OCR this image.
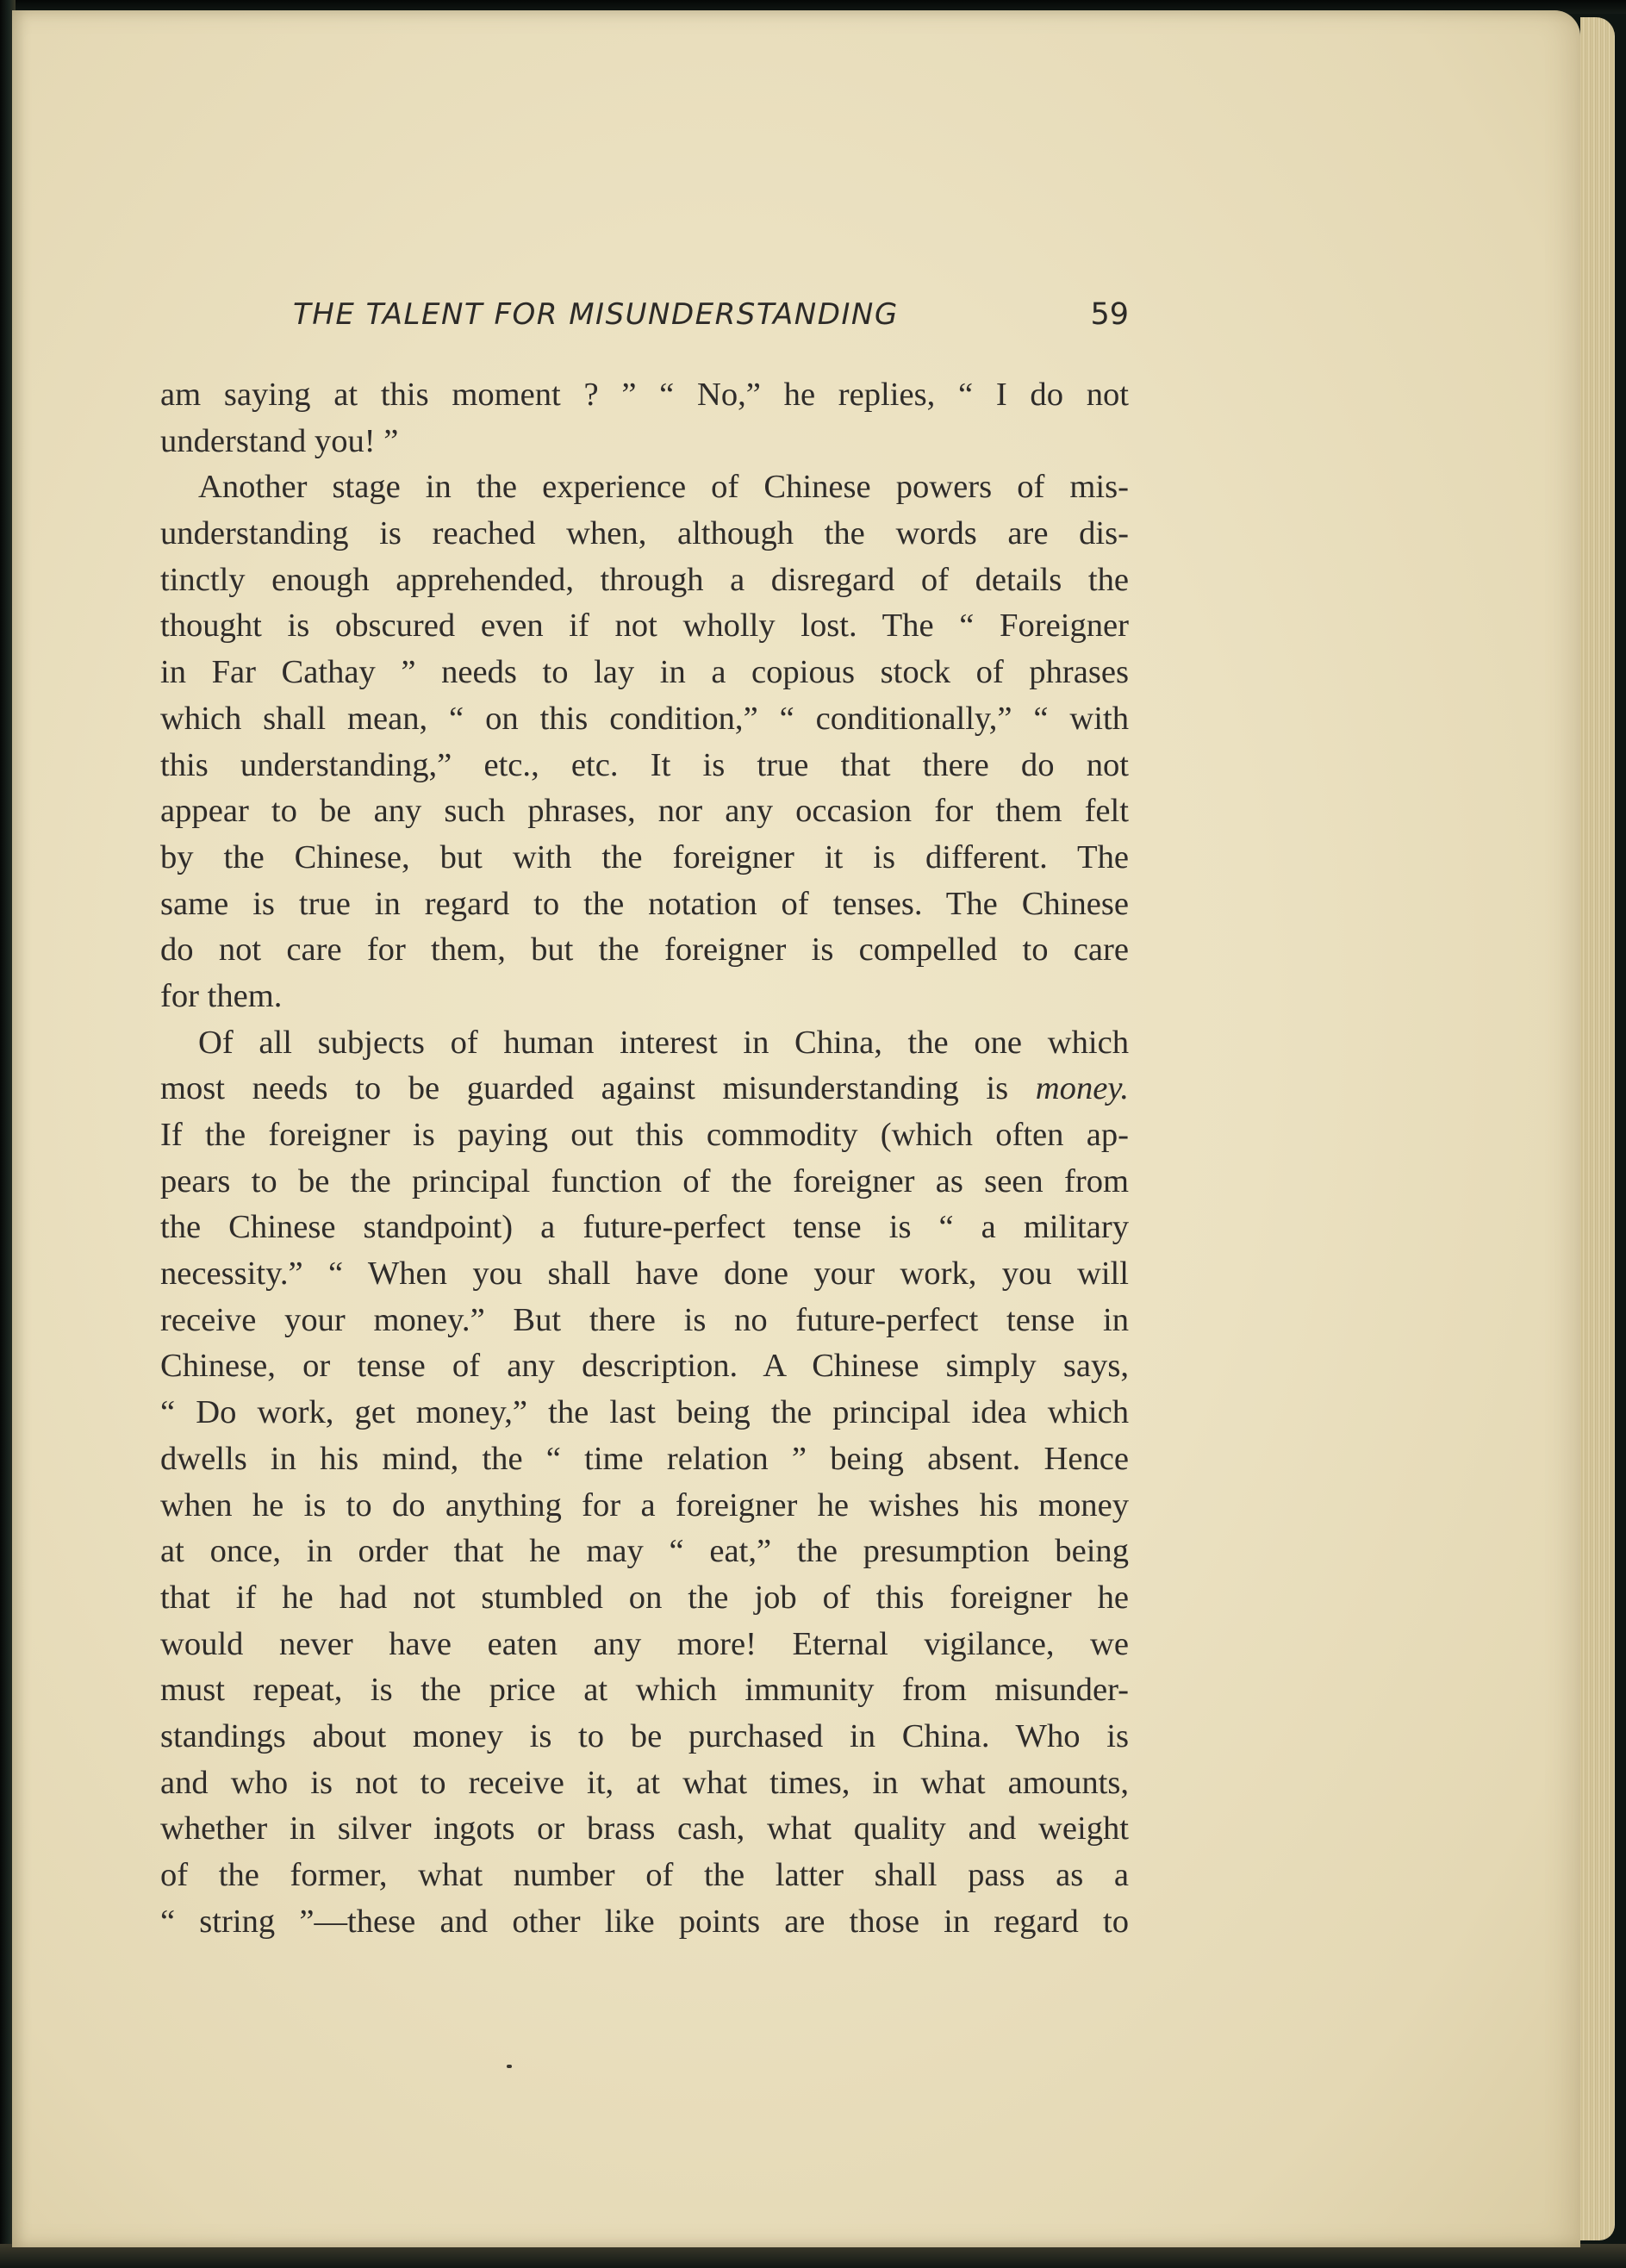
THE TALENT FOR MISUNDERSTANDING	59
am saying at this moment ? ” “ No,” he replies, “ I do not
understand you! ”
Another stage in the experience of Chinese powers of mis-
understanding is reached when, although the words are dis-
tinctly enough apprehended, through a disregard of details the
thought is obscured even if not wholly lost. The “ Foreigner
in Far Cathay ” needs to lay in a copious stock of phrases
which shall mean, “ on this condition,” “ conditionally,” “ with
this understanding,” etc., etc. It is true that there do not
appear to be any such phrases, nor any occasion for them felt
by the Chinese, but with the foreigner it is different. The
same is true in regard to the notation of tenses. The Chinese
do not care for them, but the foreigner is compelled to care
for them.
Of all subjects of human interest in China, the one which
most needs to be guarded against misunderstanding is money.
If the foreigner is paying out this commodity (which often ap-
pears to be the principal function of the foreigner as seen from
the Chinese standpoint) a future-perfect tense is “ a military
necessity.” “ When you shall have done your work, you will
receive your money.” But there is no future-perfect tense in
Chinese, or tense of any description. A Chinese simply says,
“ Do work, get money,” the last being the principal idea which
dwells in his mind, the “ time relation ” being absent. Hence
when he is to do anything for a foreigner he wishes his money
at once, in order that he may “ eat,” the presumption being
that if he had not stumbled on the job of this foreigner he
would never have eaten any more! Eternal vigilance, we
must repeat, is the price at which immunity from misunder-
standings about money is to be purchased in China. Who is
and who is not to receive it, at what times, in what amounts,
whether in silver ingots or brass cash, what quality and weight
of the former, what number of the latter shall pass as a
“ string ”—these and other like points are those in regard to
